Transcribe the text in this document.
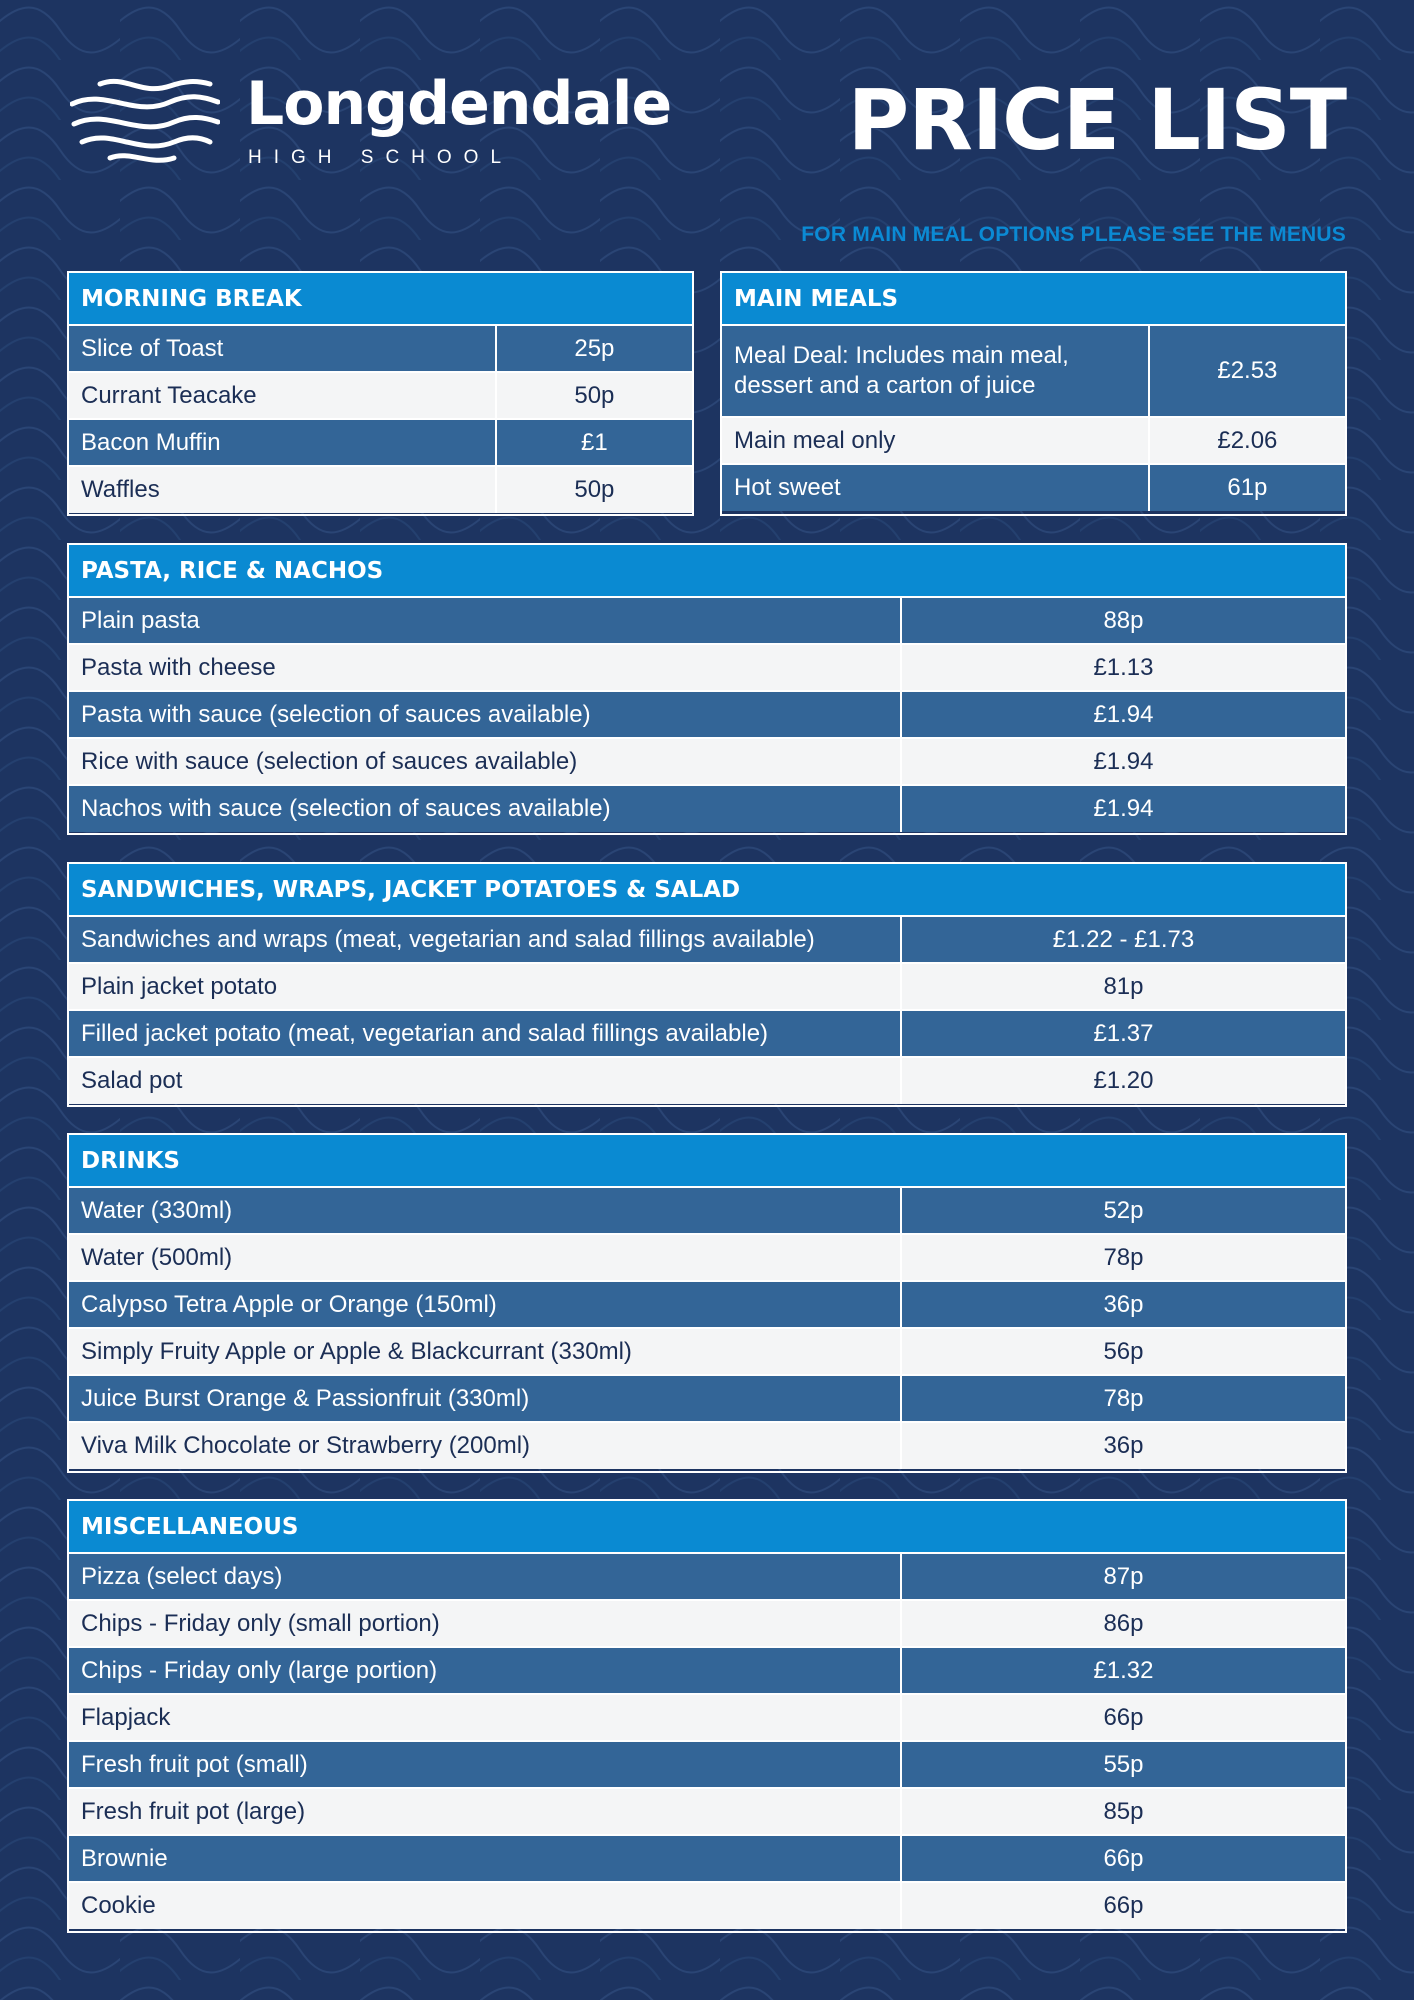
Longdendale
HIGH SCHOOL	PRICE LIST
FOR MAIN MEAL OPTIONS PLEASE SEE THE MENUS
MORNING BREAK	
Slice of Toast	25p
Currant Teacake	50p
Bacon Muffin	£1
Waffles	50p
MAIN MEALS	
Meal Deal: Includes main meal, dessert and a carton of juice	£2.53
Main meal only	£2.06
Hot sweet	61p
PASTA, RICE & NACHOS	
Plain pasta	88p
Pasta with cheese	£1.13
Pasta with sauce (selection of sauces available)	£1.94
Rice with sauce (selection of sauces available)	£1.94
Nachos with sauce (selection of sauces available)	£1.94
SANDWICHES, WRAPS, JACKET POTATOES & SALAD	
Sandwiches and wraps (meat, vegetarian and salad fillings available)	£1.22 - £1.73
Plain jacket potato	81p
Filled jacket potato (meat, vegetarian and salad fillings available)	£1.37
Salad pot	£1.20
DRINKS	
Water (330ml)	52p
Water (500ml)	78p
Calypso Tetra Apple or Orange (150ml)	36p
Simply Fruity Apple or Apple & Blackcurrant (330ml)	56p
Juice Burst Orange & Passionfruit (330ml)	78p
Viva Milk Chocolate or Strawberry (200ml)	36p
MISCELLANEOUS	
Pizza (select days)	87p
Chips - Friday only (small portion)	86p
Chips - Friday only (large portion)	£1.32
Flapjack	66p
Fresh fruit pot (small)	55p
Fresh fruit pot (large)	85p
Brownie	66p
Cookie	66p
